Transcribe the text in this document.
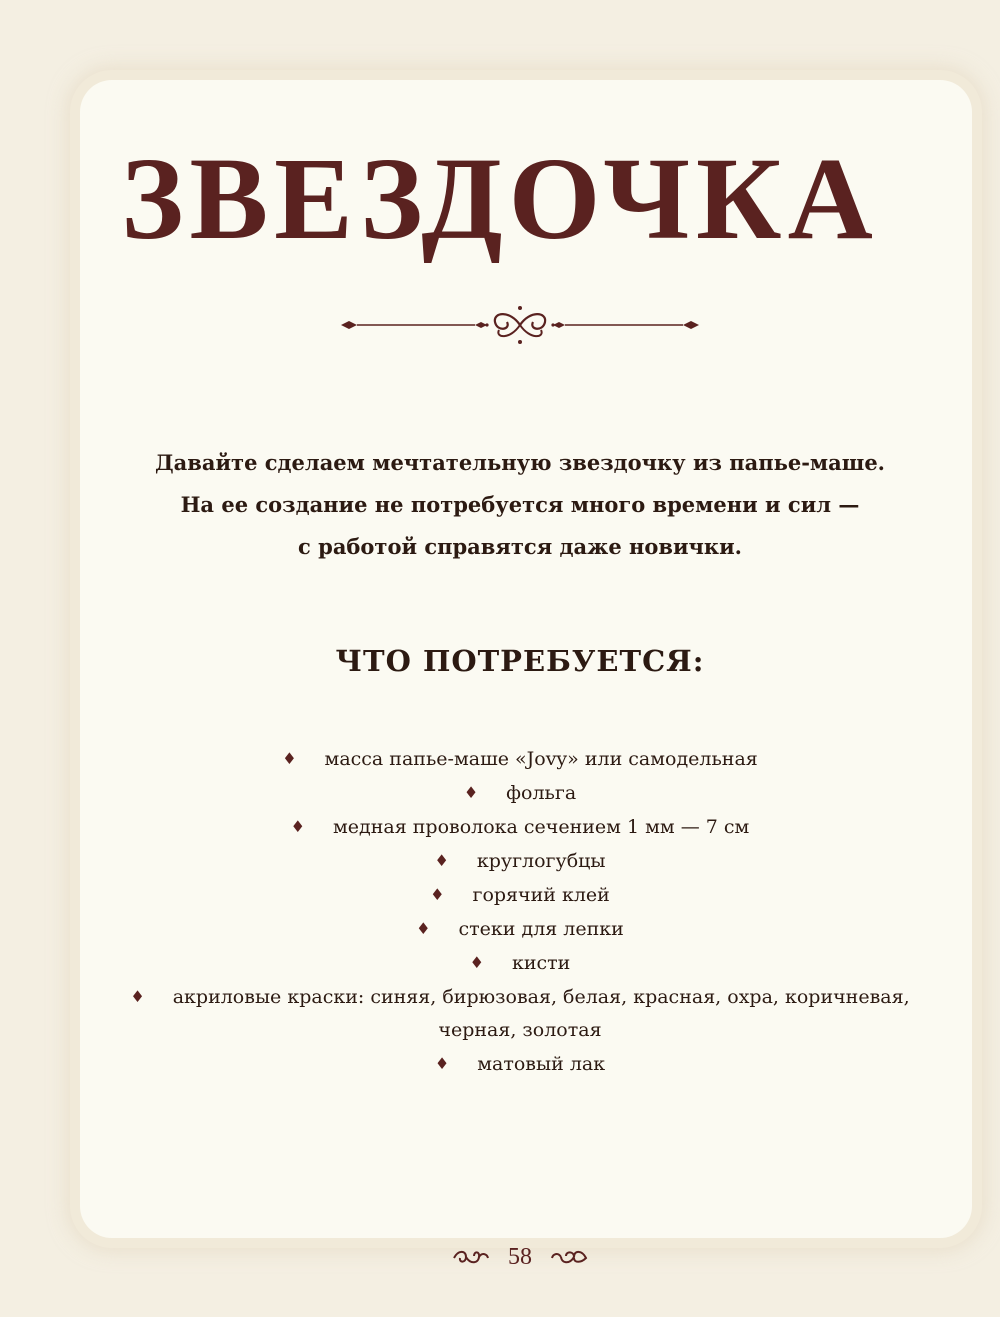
ЗВЕЗДОЧКА
Давайте сделаем мечтательную звездочку из папье-маше.
На ее создание не потребуется много времени и сил —
с работой справятся даже новички.
ЧТО ПОТРЕБУЕТСЯ:
♦ масса папье-маше «Jovy» или самодельная
♦ фольга
♦ медная проволока сечением 1 мм — 7 см
♦ круглогубцы
♦ горячий клей
♦ стеки для лепки
♦ кисти
♦ акриловые краски: синяя, бирюзовая, белая, красная, охра, коричневая, черная, золотая
♦ матовый лак
58
